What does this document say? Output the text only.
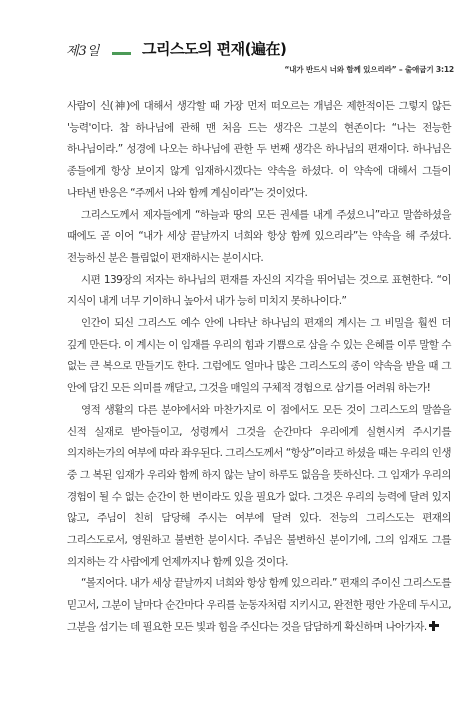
제3일	그리스도의 편재(遍在)
“내가 반드시 너와 함께 있으리라” – 출애굽기 3:12

사람이 신(神)에 대해서 생각할 때 가장 먼저 떠오르는 개념은 제한적이든 그렇지 않든 '능력'이다. 참 하나님에 관해 맨 처음 드는 생각은 그분의 현존이다: “나는 전능한 하나님이라.” 성경에 나오는 하나님에 관한 두 번째 생각은 하나님의 편재이다. 하나님은 종들에게 항상 보이지 않게 임재하시겠다는 약속을 하셨다. 이 약속에 대해서 그들이 나타낸 반응은 “주께서 나와 함께 계심이라”는 것이었다.

그리스도께서 제자들에게 “하늘과 땅의 모든 권세를 내게 주셨으니”라고 말씀하셨을 때에도 곧 이어 “내가 세상 끝날까지 너희와 항상 함께 있으리라”는 약속을 해 주셨다. 전능하신 분은 틀림없이 편재하시는 분이시다.

시편 139장의 저자는 하나님의 편재를 자신의 지각을 뛰어넘는 것으로 표현한다. “이 지식이 내게 너무 기이하니 높아서 내가 능히 미치지 못하나이다.”

인간이 되신 그리스도 예수 안에 나타난 하나님의 편재의 계시는 그 비밀을 훨씬 더 깊게 만든다. 이 계시는 이 임재를 우리의 힘과 기쁨으로 삼을 수 있는 은혜를 이루 말할 수 없는 큰 복으로 만들기도 한다. 그럼에도 얼마나 많은 그리스도의 종이 약속을 받을 때 그 안에 담긴 모든 의미를 깨닫고, 그것을 매일의 구체적 경험으로 삼기를 어려워 하는가!

영적 생활의 다른 분야에서와 마찬가지로 이 점에서도 모든 것이 그리스도의 말씀을 신적 실재로 받아들이고, 성령께서 그것을 순간마다 우리에게 실현시켜 주시기를 의지하는가의 여부에 따라 좌우된다. 그리스도께서 “항상”이라고 하셨을 때는 우리의 인생 중 그 복된 임재가 우리와 함께 하지 않는 날이 하루도 없음을 뜻하신다. 그 임재가 우리의 경험이 될 수 없는 순간이 한 번이라도 있을 필요가 없다. 그것은 우리의 능력에 달려 있지 않고, 주님이 친히 담당해 주시는 여부에 달려 있다. 전능의 그리스도는 편재의 그리스도로서, 영원하고 불변한 분이시다. 주님은 불변하신 분이기에, 그의 임재도 그를 의지하는 각 사람에게 언제까지나 함께 있을 것이다.

“볼지어다. 내가 세상 끝날까지 너희와 항상 함께 있으리라.” 편재의 주이신 그리스도를 믿고서, 그분이 날마다 순간마다 우리를 눈동자처럼 지키시고, 완전한 평안 가운데 두시고, 그분을 섬기는 데 필요한 모든 빛과 힘을 주신다는 것을 담담하게 확신하며 나아가자.
